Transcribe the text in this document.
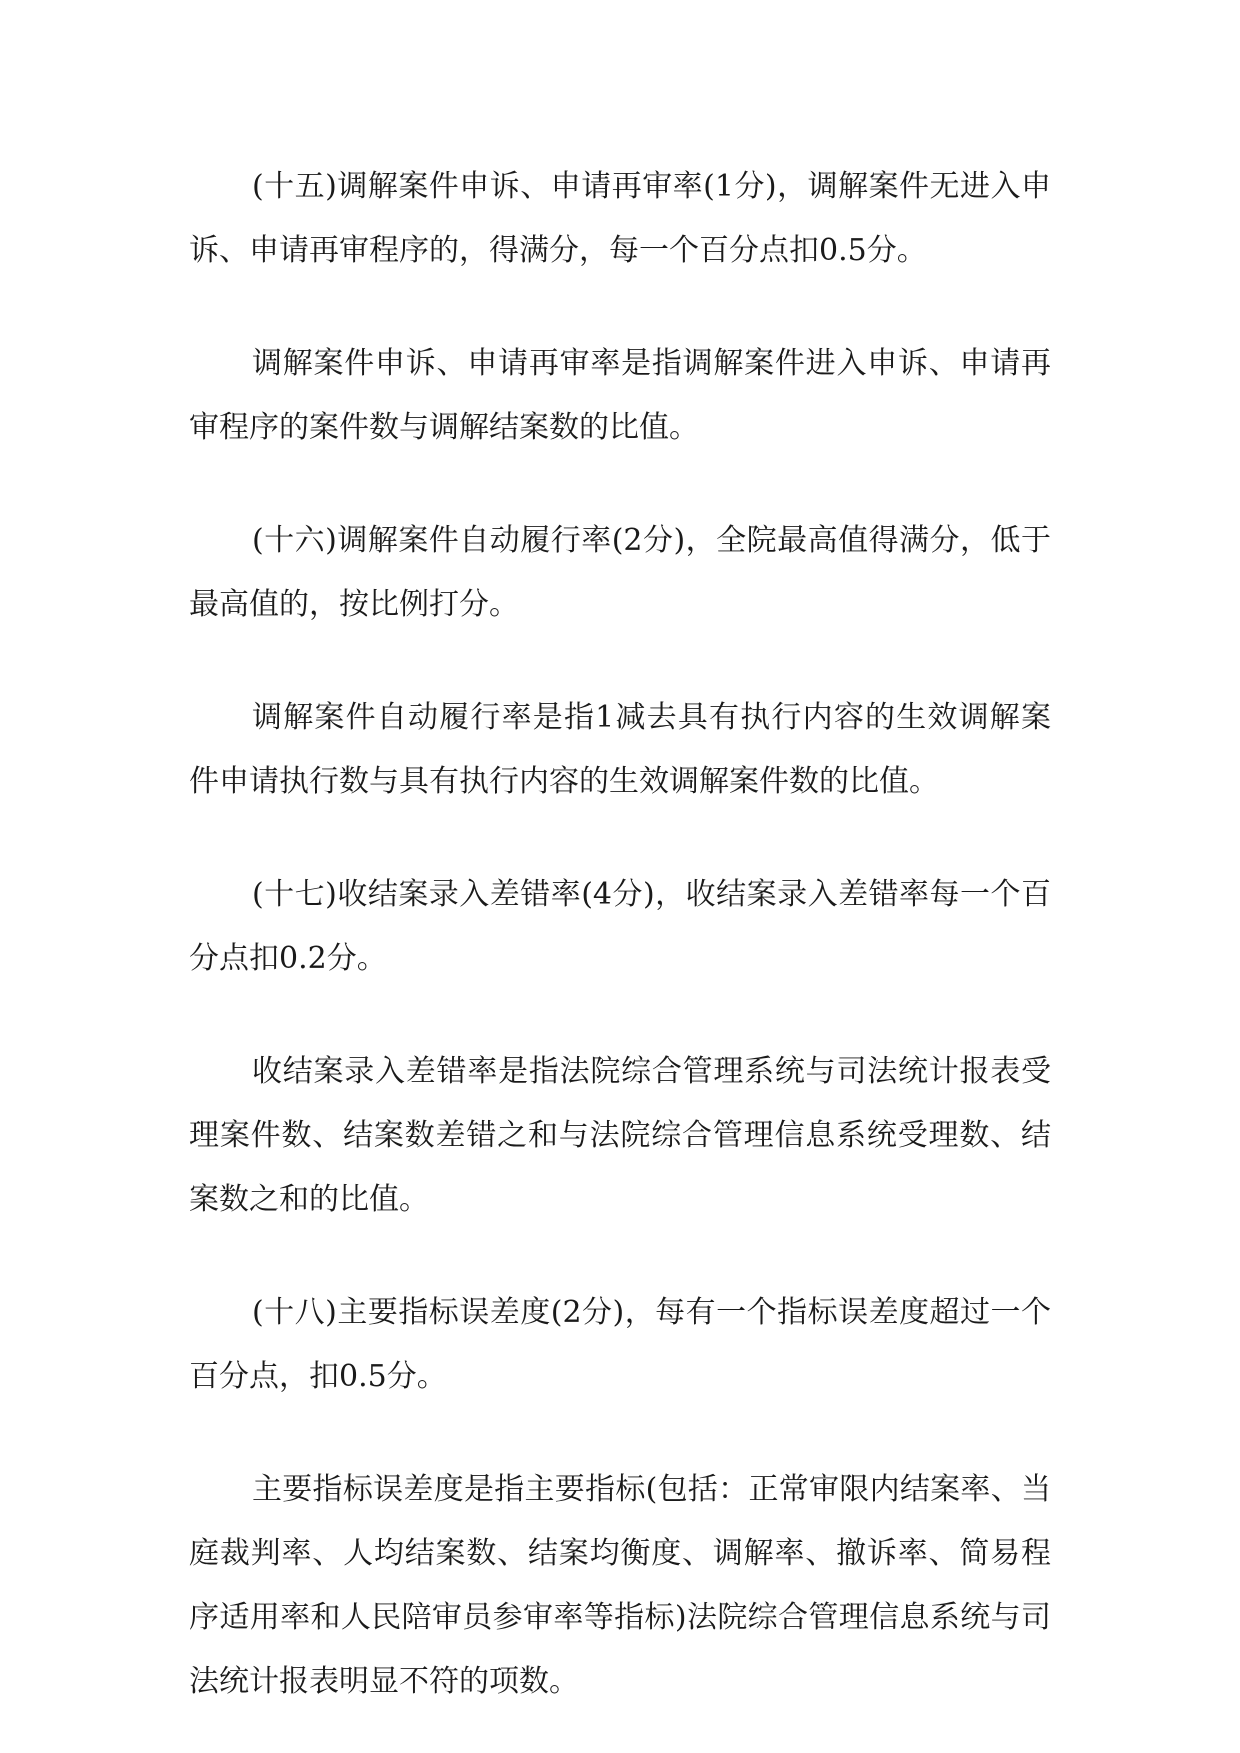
(十五)调解案件申诉、申请再审率(1分)，调解案件无进入申诉、申请再审程序的，得满分，每一个百分点扣0.5分。

调解案件申诉、申请再审率是指调解案件进入申诉、申请再审程序的案件数与调解结案数的比值。

(十六)调解案件自动履行率(2分)，全院最高值得满分，低于最高值的，按比例打分。

调解案件自动履行率是指1减去具有执行内容的生效调解案件申请执行数与具有执行内容的生效调解案件数的比值。

(十七)收结案录入差错率(4分)，收结案录入差错率每一个百分点扣0.2分。

收结案录入差错率是指法院综合管理系统与司法统计报表受理案件数、结案数差错之和与法院综合管理信息系统受理数、结案数之和的比值。

(十八)主要指标误差度(2分)，每有一个指标误差度超过一个百分点，扣0.5分。

主要指标误差度是指主要指标(包括：正常审限内结案率、当庭裁判率、人均结案数、结案均衡度、调解率、撤诉率、简易程序适用率和人民陪审员参审率等指标)法院综合管理信息系统与司法统计报表明显不符的项数。
